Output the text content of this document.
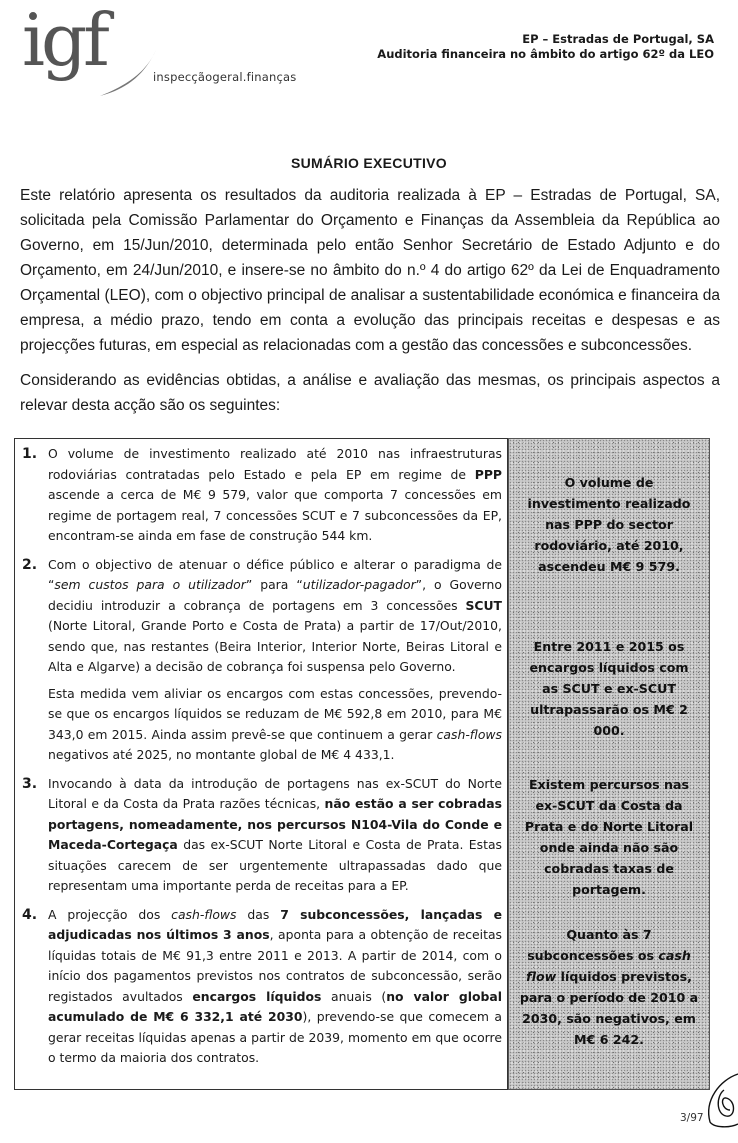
igf	inspecçãogeral.finanças
EP – Estradas de Portugal, SA
Auditoria financeira no âmbito do artigo 62º da LEO
SUMÁRIO EXECUTIVO

Este relatório apresenta os resultados da auditoria realizada à EP – Estradas de Portugal, SA, solicitada pela Comissão Parlamentar do Orçamento e Finanças da Assembleia da República ao Governo, em 15/Jun/2010, determinada pelo então Senhor Secretário de Estado Adjunto e do Orçamento, em 24/Jun/2010, e insere-se no âmbito do n.º 4 do artigo 62º da Lei de Enquadramento Orçamental (LEO), com o objectivo principal de analisar a sustentabilidade económica e financeira da empresa, a médio prazo, tendo em conta a evolução das principais receitas e despesas e as projecções futuras, em especial as relacionadas com a gestão das concessões e subconcessões.

Considerando as evidências obtidas, a análise e avaliação das mesmas, os principais aspectos a relevar desta acção são os seguintes:

1. O volume de investimento realizado até 2010 nas infraestruturas rodoviárias contratadas pelo Estado e pela EP em regime de PPP ascende a cerca de M€ 9 579, valor que comporta 7 concessões em regime de portagem real, 7 concessões SCUT e 7 subconcessões da EP, encontram-se ainda em fase de construção 544 km.

2. Com o objectivo de atenuar o défice público e alterar o paradigma de “sem custos para o utilizador” para “utilizador-pagador”, o Governo decidiu introduzir a cobrança de portagens em 3 concessões SCUT (Norte Litoral, Grande Porto e Costa de Prata) a partir de 17/Out/2010, sendo que, nas restantes (Beira Interior, Interior Norte, Beiras Litoral e Alta e Algarve) a decisão de cobrança foi suspensa pelo Governo.

Esta medida vem aliviar os encargos com estas concessões, prevendo-se que os encargos líquidos se reduzam de M€ 592,8 em 2010, para M€ 343,0 em 2015. Ainda assim prevê-se que continuem a gerar cash-flows negativos até 2025, no montante global de M€ 4 433,1.

3. Invocando à data da introdução de portagens nas ex-SCUT do Norte Litoral e da Costa da Prata razões técnicas, não estão a ser cobradas portagens, nomeadamente, nos percursos N104-Vila do Conde e Maceda-Cortegaça das ex-SCUT Norte Litoral e Costa de Prata. Estas situações carecem de ser urgentemente ultrapassadas dado que representam uma importante perda de receitas para a EP.

4. A projecção dos cash-flows das 7 subconcessões, lançadas e adjudicadas nos últimos 3 anos, aponta para a obtenção de receitas líquidas totais de M€ 91,3 entre 2011 e 2013. A partir de 2014, com o início dos pagamentos previstos nos contratos de subconcessão, serão registados avultados encargos líquidos anuais (no valor global acumulado de M€ 6 332,1 até 2030), prevendo-se que comecem a gerar receitas líquidas apenas a partir de 2039, momento em que ocorre o termo da maioria dos contratos.

O volume de investimento realizado nas PPP do sector rodoviário, até 2010, ascendeu M€ 9 579.
Entre 2011 e 2015 os encargos líquidos com as SCUT e ex-SCUT ultrapassarão os M€ 2 000.
Existem percursos nas ex-SCUT da Costa da Prata e do Norte Litoral onde ainda não são cobradas taxas de portagem.
Quanto às 7 subconcessões os cash flow líquidos previstos, para o período de 2010 a 2030, são negativos, em M€ 6 242.
3/97
